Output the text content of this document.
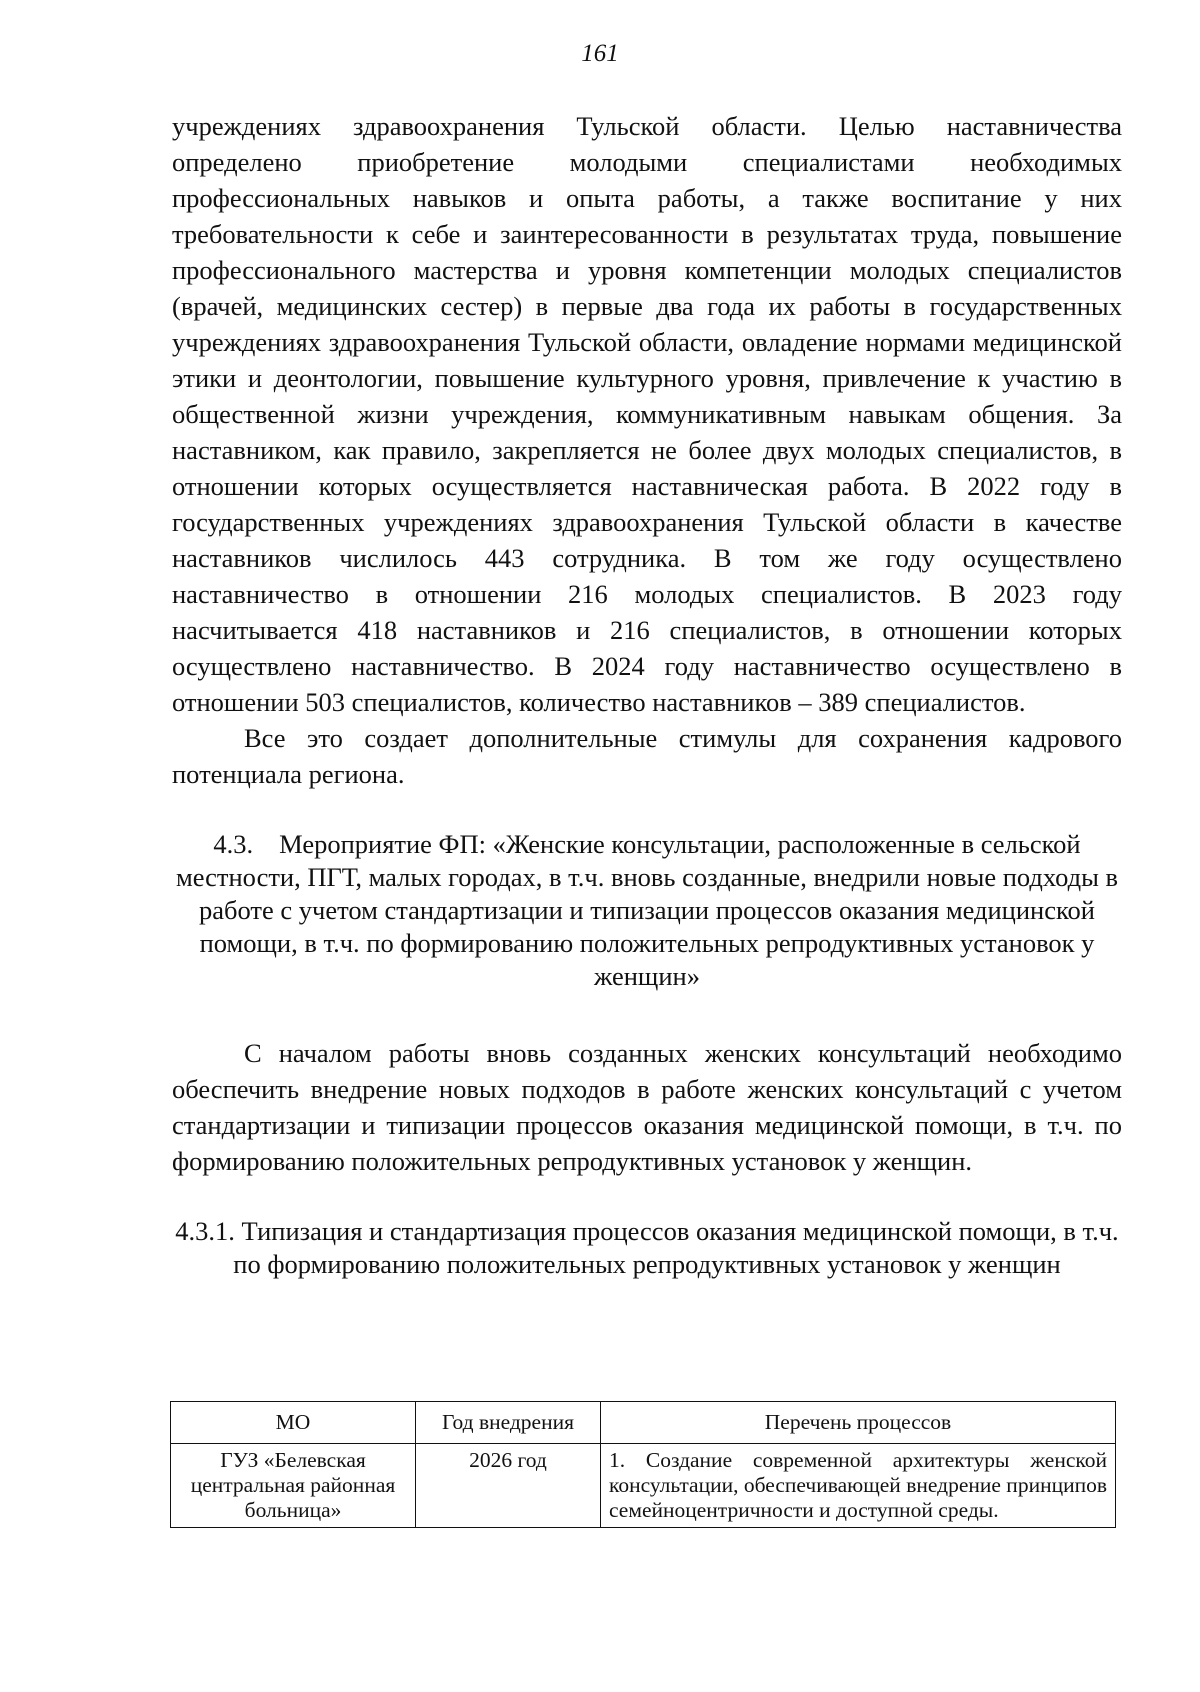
161

учреждениях здравоохранения Тульской области. Целью наставничества определено приобретение молодыми специалистами необходимых профессиональных навыков и опыта работы, а также воспитание у них требовательности к себе и заинтересованности в результатах труда, повышение профессионального мастерства и уровня компетенции молодых специалистов (врачей, медицинских сестер) в первые два года их работы в государственных учреждениях здравоохранения Тульской области, овладение нормами медицинской этики и деонтологии, повышение культурного уровня, привлечение к участию в общественной жизни учреждения, коммуникативным навыкам общения. За наставником, как правило, закрепляется не более двух молодых специалистов, в отношении которых осуществляется наставническая работа. В 2022 году в государственных учреждениях здравоохранения Тульской области в качестве наставников числилось 443 сотрудника. В том же году осуществлено наставничество в отношении 216 молодых специалистов. В 2023 году насчитывается 418 наставников и 216 специалистов, в отношении которых осуществлено наставничество. В 2024 году наставничество осуществлено в отношении 503 специалистов, количество наставников – 389 специалистов.

Все это создает дополнительные стимулы для сохранения кадрового потенциала региона.

4.3. Мероприятие ФП: «Женские консультации, расположенные в сельской местности, ПГТ, малых городах, в т.ч. вновь созданные, внедрили новые подходы в работе с учетом стандартизации и типизации процессов оказания медицинской помощи, в т.ч. по формированию положительных репродуктивных установок у женщин»

С началом работы вновь созданных женских консультаций необходимо обеспечить внедрение новых подходов в работе женских консультаций с учетом стандартизации и типизации процессов оказания медицинской помощи, в т.ч. по формированию положительных репродуктивных установок у женщин.

4.3.1. Типизация и стандартизация процессов оказания медицинской помощи, в т.ч. по формированию положительных репродуктивных установок у женщин

МО	Год внедрения	Перечень процессов
ГУЗ «Белевская центральная районная больница»	2026 год	1. Создание современной архитектуры женской консультации, обеспечивающей внедрение принципов семейноцентричности и доступной среды.
